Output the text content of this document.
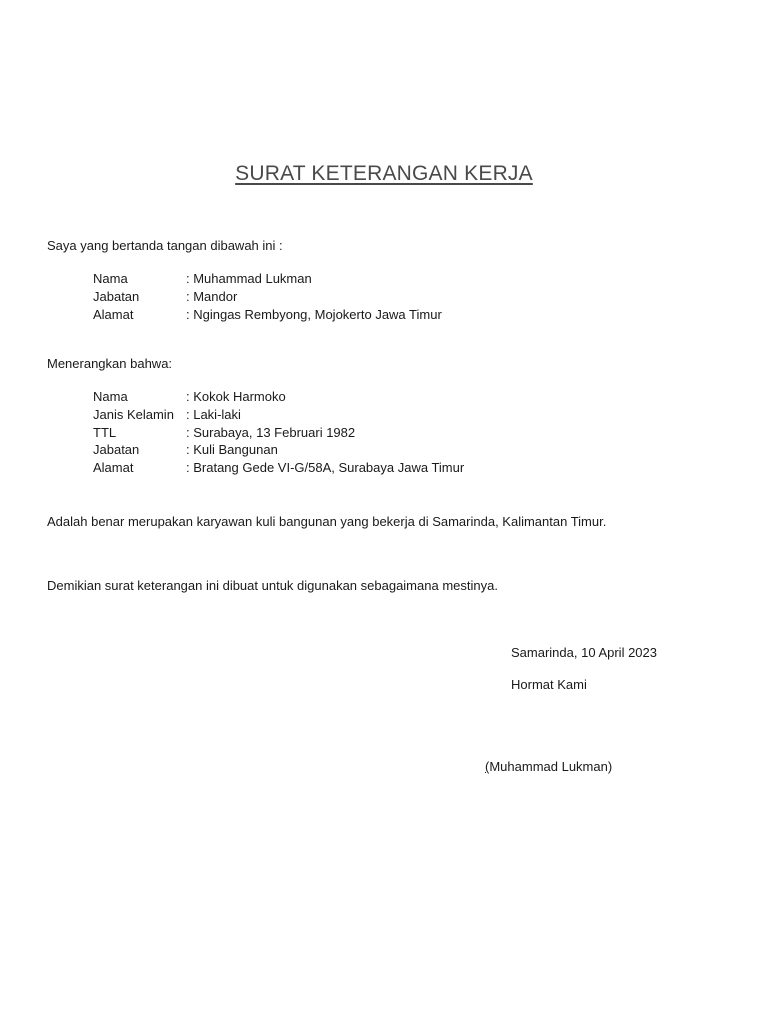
SURAT KETERANGAN KERJA
Saya yang bertanda tangan dibawah ini :
Nama	: Muhammad Lukman
Jabatan	: Mandor
Alamat	: Ngingas Rembyong, Mojokerto Jawa Timur
Menerangkan bahwa:
Nama	: Kokok Harmoko
Janis Kelamin : Laki-laki
TTL	: Surabaya, 13 Februari 1982
Jabatan	: Kuli Bangunan
Alamat	: Bratang Gede VI-G/58A, Surabaya Jawa Timur
Adalah benar merupakan karyawan kuli bangunan yang bekerja di Samarinda, Kalimantan Timur.
Demikian surat keterangan ini dibuat untuk digunakan sebagaimana mestinya.
Samarinda, 10 April 2023
Hormat Kami
(Muhammad Lukman)
